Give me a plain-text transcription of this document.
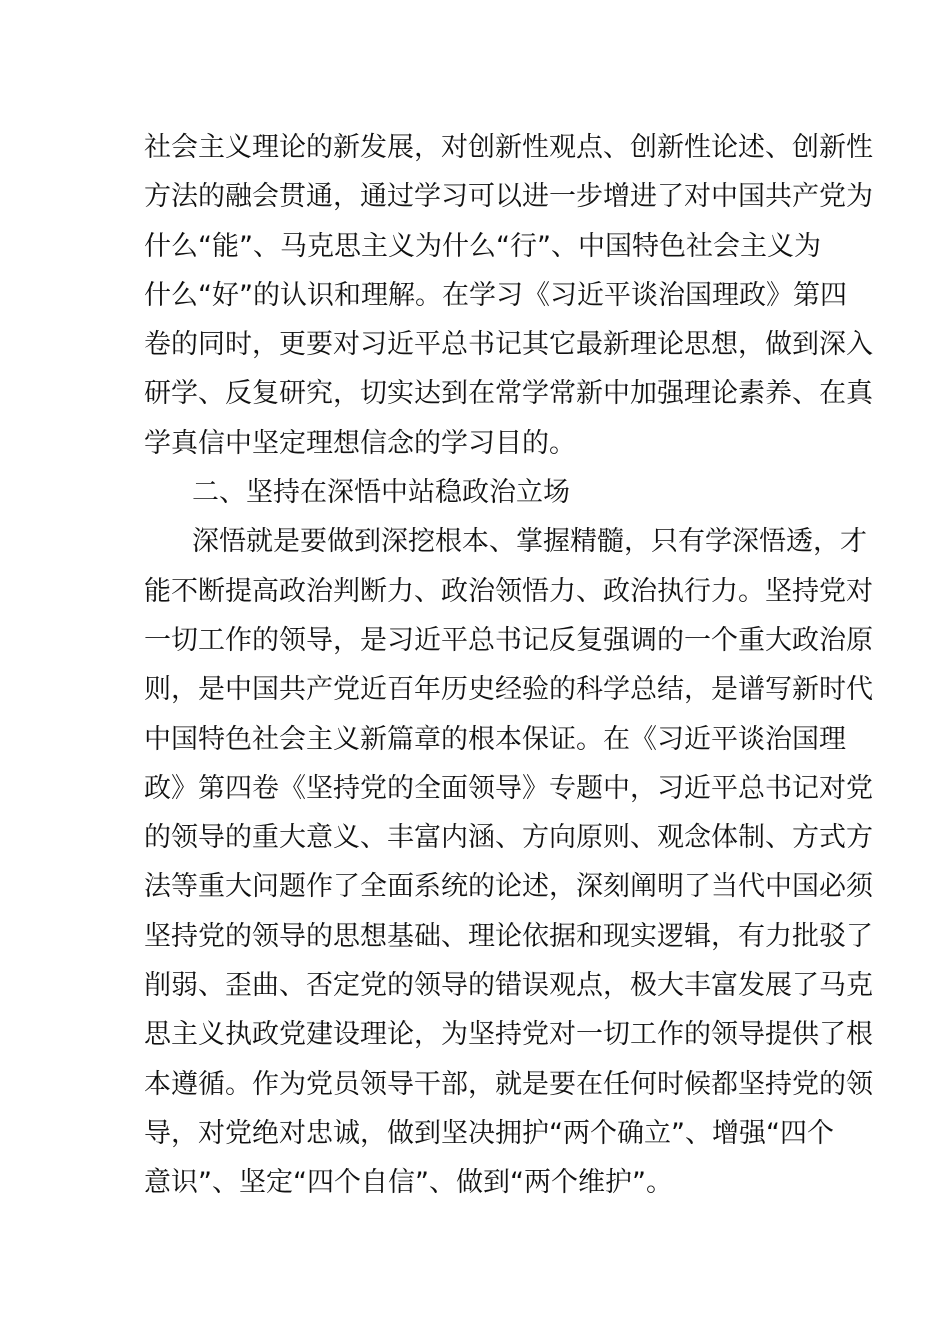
社会主义理论的新发展，对创新性观点、创新性论述、创新性
方法的融会贯通，通过学习可以进一步增进了对中国共产党为
什么“能”、马克思主义为什么“行”、中国特色社会主义为
什么“好”的认识和理解。在学习《习近平谈治国理政》第四
卷的同时，更要对习近平总书记其它最新理论思想，做到深入
研学、反复研究，切实达到在常学常新中加强理论素养、在真
学真信中坚定理想信念的学习目的。
二、坚持在深悟中站稳政治立场
深悟就是要做到深挖根本、掌握精髓，只有学深悟透，才
能不断提高政治判断力、政治领悟力、政治执行力。坚持党对
一切工作的领导，是习近平总书记反复强调的一个重大政治原
则，是中国共产党近百年历史经验的科学总结，是谱写新时代
中国特色社会主义新篇章的根本保证。在《习近平谈治国理
政》第四卷《坚持党的全面领导》专题中，习近平总书记对党
的领导的重大意义、丰富内涵、方向原则、观念体制、方式方
法等重大问题作了全面系统的论述，深刻阐明了当代中国必须
坚持党的领导的思想基础、理论依据和现实逻辑，有力批驳了
削弱、歪曲、否定党的领导的错误观点，极大丰富发展了马克
思主义执政党建设理论，为坚持党对一切工作的领导提供了根
本遵循。作为党员领导干部，就是要在任何时候都坚持党的领
导，对党绝对忠诚，做到坚决拥护“两个确立”、增强“四个
意识”、坚定“四个自信”、做到“两个维护”。
